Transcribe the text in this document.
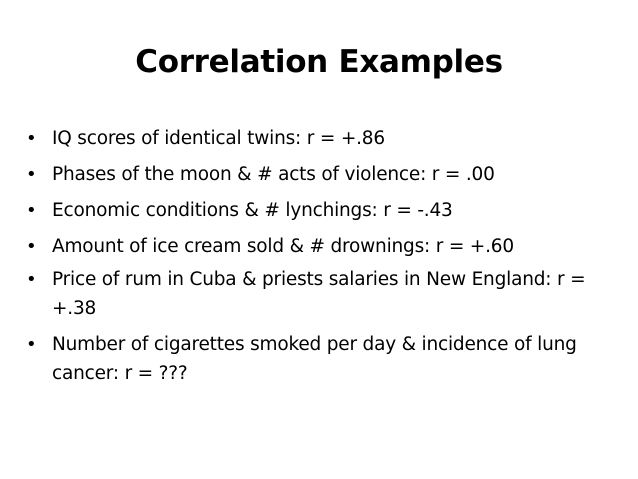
Correlation Examples
• IQ scores of identical twins: r = +.86
• Phases of the moon & # acts of violence: r = .00
• Economic conditions & # lynchings: r = -.43
• Amount of ice cream sold & # drownings: r = +.60
• Price of rum in Cuba & priests salaries in New England: r = +.38
• Number of cigarettes smoked per day & incidence of lung cancer: r = ???
